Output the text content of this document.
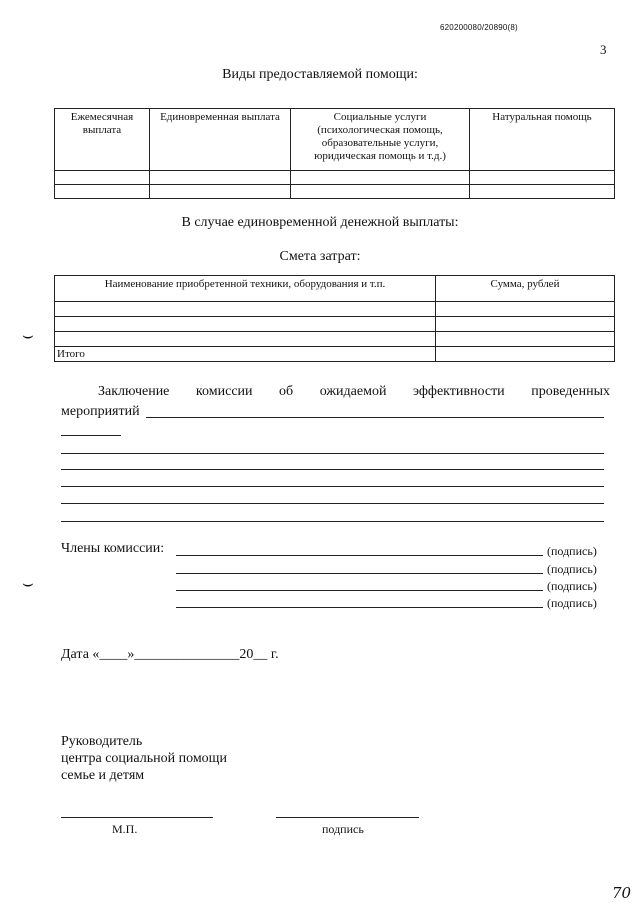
620200080/20890(8)
3
Виды предоставляемой помощи:
Ежемесячная выплата	Единовременная выплата	Социальные услуги (психологическая помощь, образовательные услуги, юридическая помощь и т.д.)	Натуральная помощь

В случае единовременной денежной выплаты:
Смета затрат:
Наименование приобретенной техники, оборудования и т.п.	Сумма, рублей

Итого	
⌣
Заключение комиссии об ожидаемой эффективности проведенных
мероприятий
Члены комиссии:	(подпись)
(подпись)
(подпись)
(подпись)
⌣
Дата «____»_______________20__ г.
Руководитель
центра социальной помощи
семье и детям
М.П.	подпись
70
